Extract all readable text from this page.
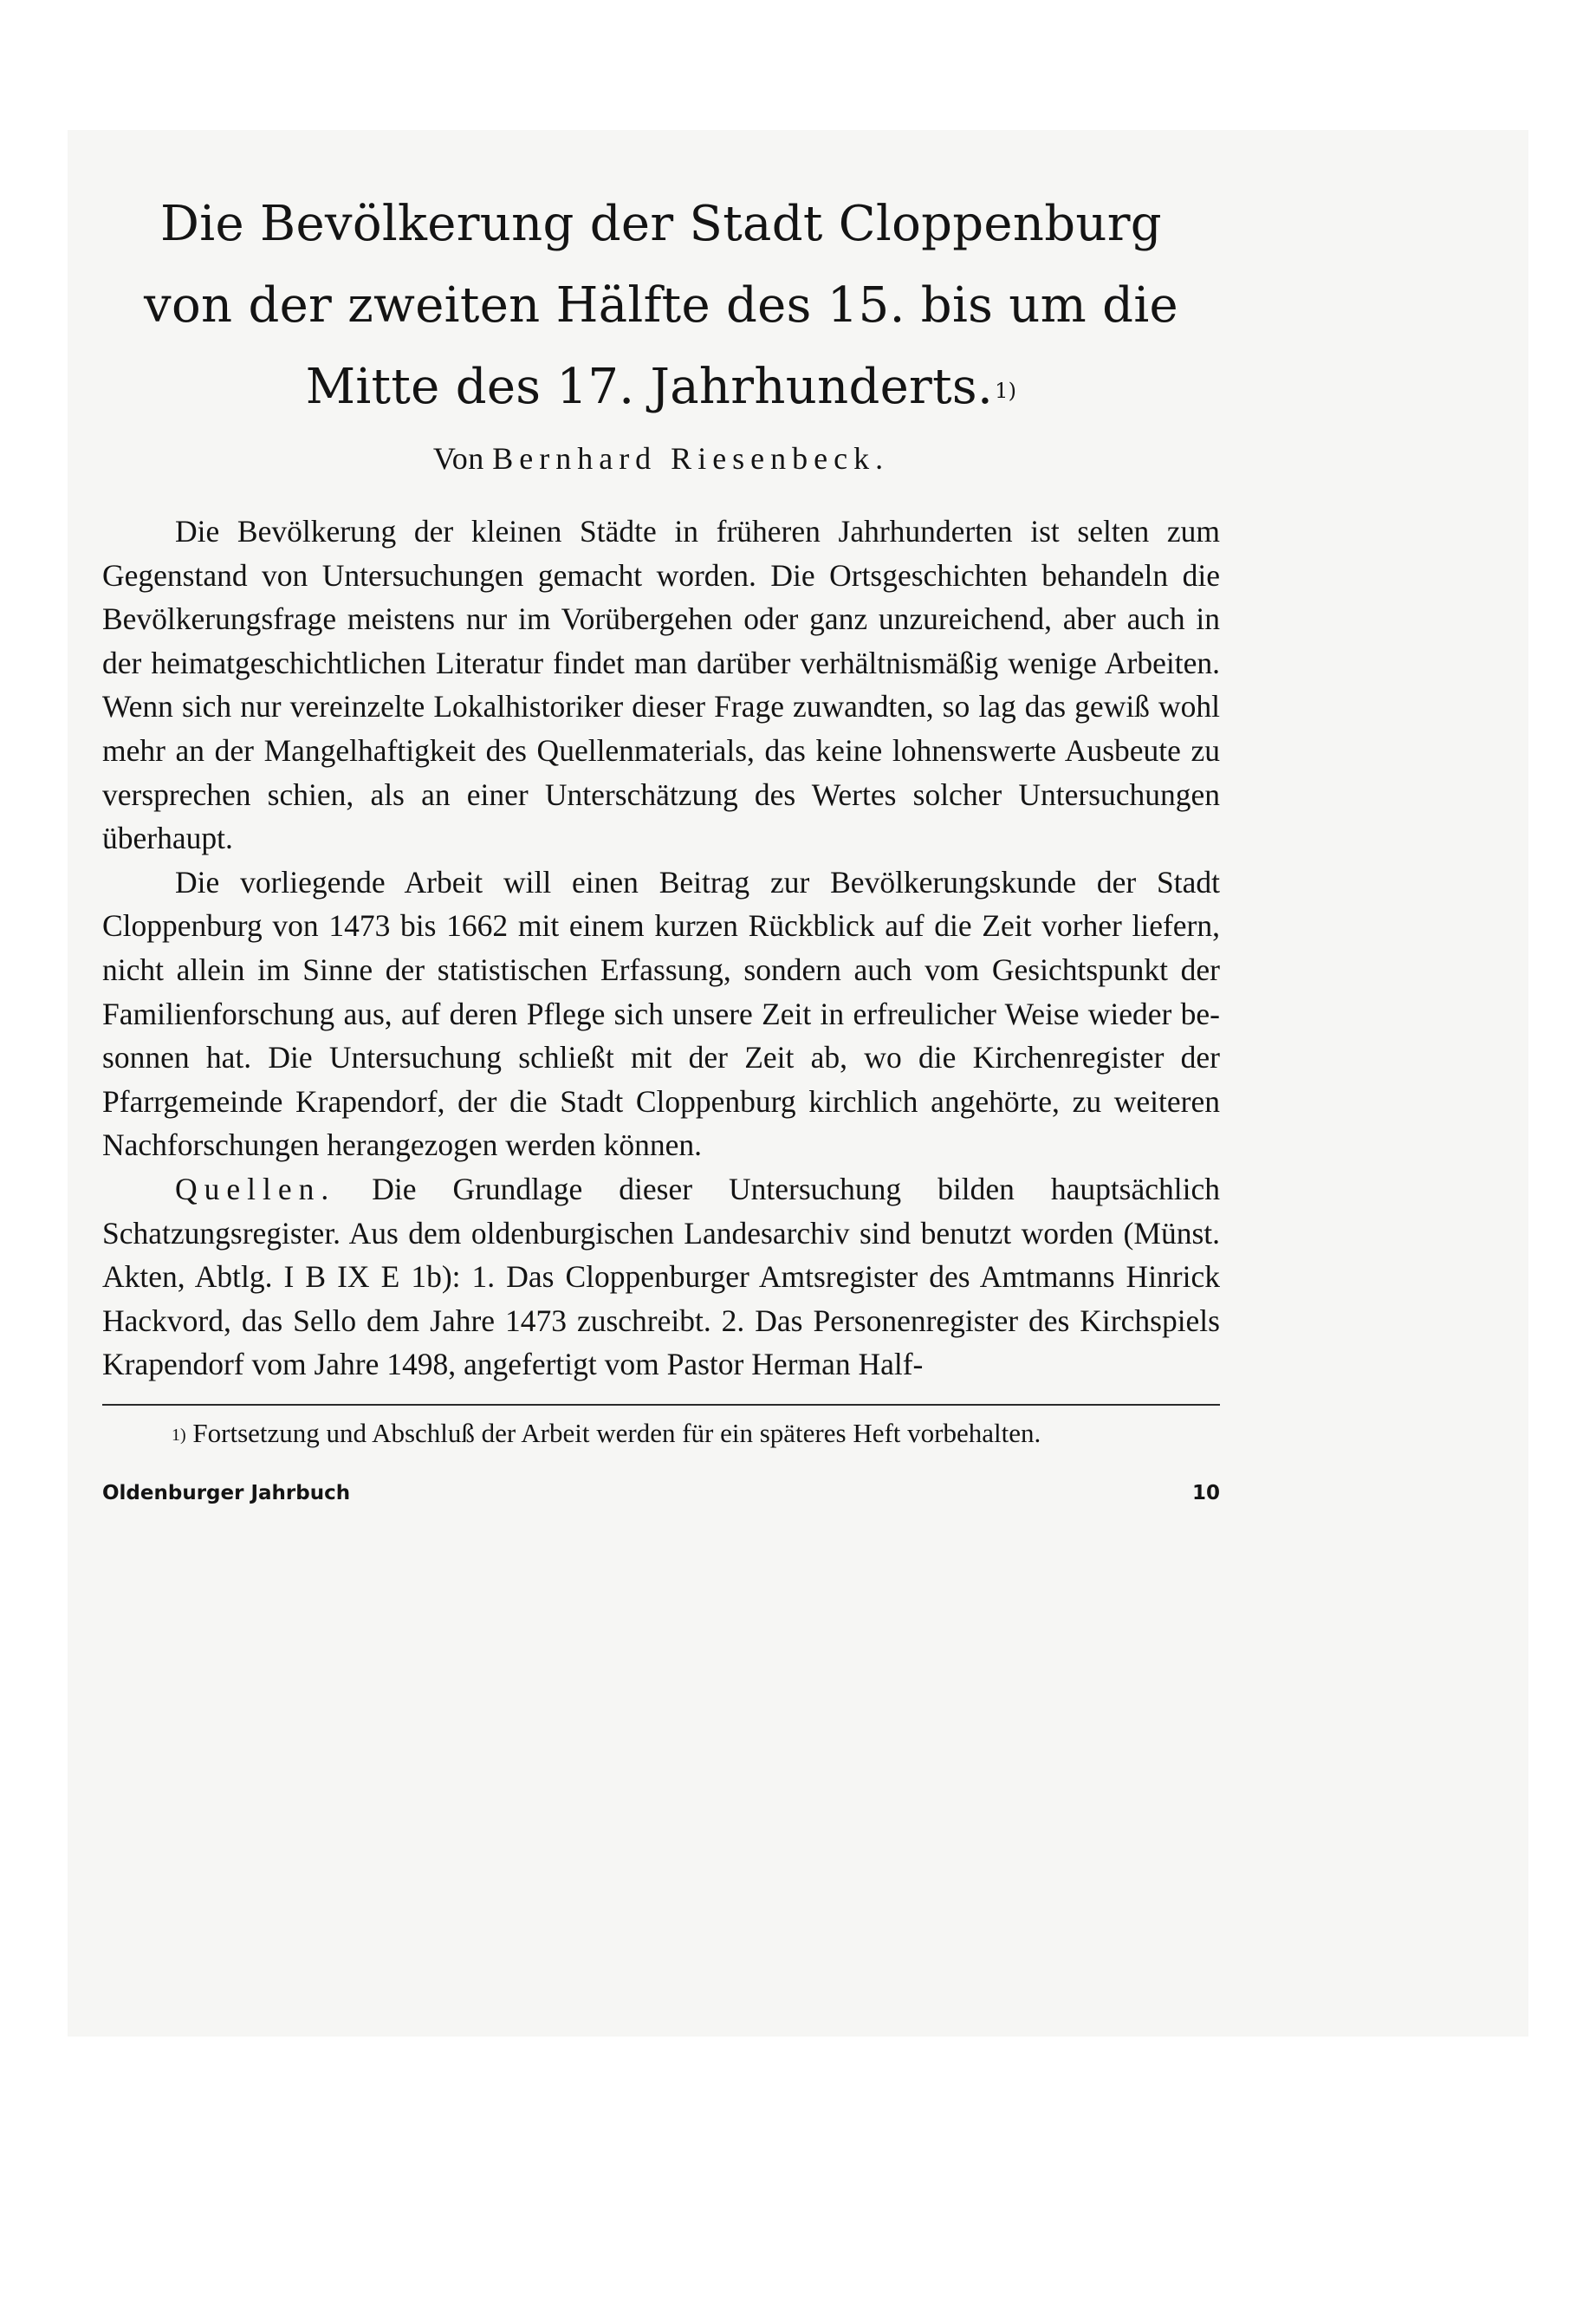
Die Bevölkerung der Stadt Cloppenburg
von der zweiten Hälfte des 15. bis um die
Mitte des 17. Jahrhunderts.$^{1)}$
Von Bernhard Riesenbeck.

Die Bevölkerung der kleinen Städte in früheren Jahrhunderten ist selten zum Gegenstand von Untersuchungen gemacht worden. Die Ortsgeschichten behandeln die Bevölkerungsfrage meistens nur im Vorübergehen oder ganz unzureichend, aber auch in der heimatgeschichtlichen Literatur findet man darüber verhältnismäßig wenige Arbeiten. Wenn sich nur vereinzelte Lokalhistoriker dieser Frage zuwandten, so lag das gewiß wohl mehr an der Mangelhaftigkeit des Quellenmaterials, das keine lohnenswerte Ausbeute zu versprechen schien, als an einer Unterschätzung des Wertes solcher Untersuchungen überhaupt.

Die vorliegende Arbeit will einen Beitrag zur Bevölkerungskunde der Stadt Cloppenburg von 1473 bis 1662 mit einem kurzen Rückblick auf die Zeit vorher liefern, nicht allein im Sinne der statistischen Erfassung, sondern auch vom Gesichtspunkt der Familienforschung aus, auf deren Pflege sich unsere Zeit in erfreulicher Weise wieder besonnen hat. Die Untersuchung schließt mit der Zeit ab, wo die Kirchenregister der Pfarrgemeinde Krapendorf, der die Stadt Cloppenburg kirchlich angehörte, zu weiteren Nachforschungen herangezogen werden können.

Quellen. Die Grundlage dieser Untersuchung bilden hauptsächlich Schatzungsregister. Aus dem oldenburgischen Landesarchiv sind benutzt worden (Münst. Akten, Abtlg. I B IX E 1b): 1. Das Cloppenburger Amtsregister des Amtmanns Hinrick Hackvord, das Sello dem Jahre 1473 zuschreibt. 2. Das Personenregister des Kirchspiels Krapendorf vom Jahre 1498, angefertigt vom Pastor Herman Half-

$^{1)}$ Fortsetzung und Abschluß der Arbeit werden für ein späteres Heft vorbehalten.

Oldenburger Jahrbuch	10
